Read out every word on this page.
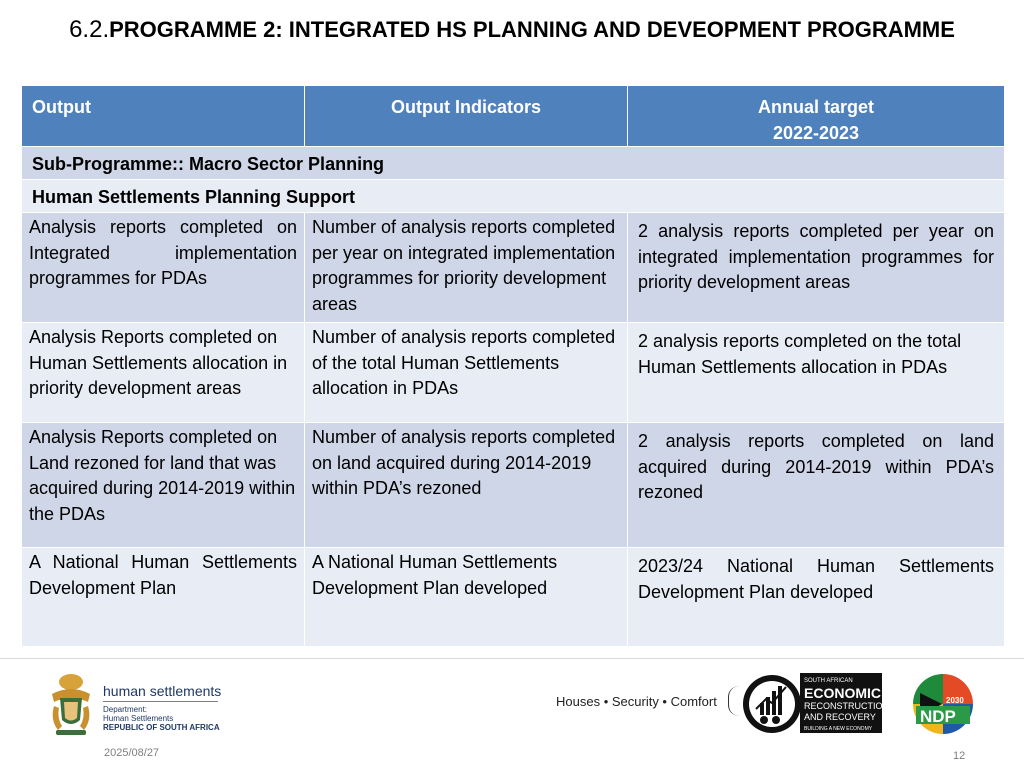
6.2.PROGRAMME 2: INTEGRATED HS PLANNING AND DEVEOPMENT PROGRAMME
Output	Output Indicators	Annual target
2022-2023

Sub-Programme:: Macro Sector Planning		

Human Settlements Planning Support		

Analysis reports completed on Integrated implementation programmes for PDAs	Number of analysis reports completed per year on integrated implementation programmes for priority development areas	2 analysis reports completed per year on integrated implementation programmes for priority development areas

Analysis Reports completed on Human Settlements allocation in priority development areas	Number of analysis reports completed of the total Human Settlements allocation in PDAs	2 analysis reports completed on the total Human Settlements allocation in PDAs

Analysis Reports completed on Land rezoned for land that was acquired during 2014-2019 within the PDAs	Number of analysis reports completed on land acquired during 2014-2019 within PDA’s rezoned	2 analysis reports completed on land acquired during 2014-2019 within PDA’s rezoned

A National Human Settlements Development Plan	A National Human Settlements Development Plan developed	2023/24 National Human Settlements Development Plan developed
human settlements
Department:
Human Settlements
REPUBLIC OF SOUTH AFRICA
Houses • Security • Comfort
SOUTH AFRICAN
ECONOMIC
RECONSTRUCTION
AND RECOVERY
BUILDING A NEW ECONOMY
NDP
2030
2025/08/27	12
